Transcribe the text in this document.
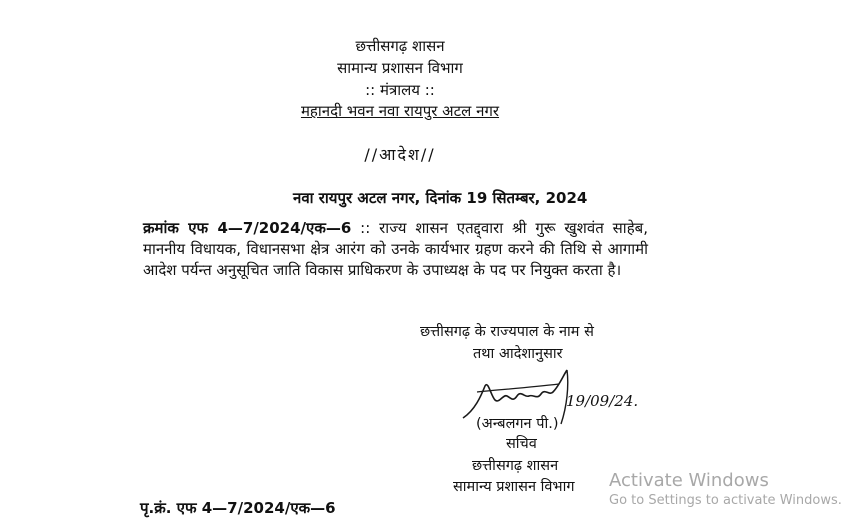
छत्तीसगढ़ शासन
सामान्य प्रशासन विभाग
:: मंत्रालय ::
महानदी भवन नवा रायपुर अटल नगर
//आदेश//
नवा रायपुर अटल नगर, दिनांक 19 सितम्बर, 2024
क्रमांक एफ 4—7/2024/एक—6 :: राज्य शासन एतद्द्वारा श्री गुरू खुशवंत साहेब, माननीय विधायक, विधानसभा क्षेत्र आरंग को उनके कार्यभार ग्रहण करने की तिथि से आगामी आदेश पर्यन्त अनुसूचित जाति विकास प्राधिकरण के उपाध्यक्ष के पद पर नियुक्त करता है।
छत्तीसगढ़ के राज्यपाल के नाम से
तथा आदेशानुसार
19/09/24.
(अन्बलगन पी.)
सचिव
छत्तीसगढ़ शासन
सामान्य प्रशासन विभाग
पृ.क्रं. एफ 4—7/2024/एक—6
Activate Windows
Go to Settings to activate Windows.
